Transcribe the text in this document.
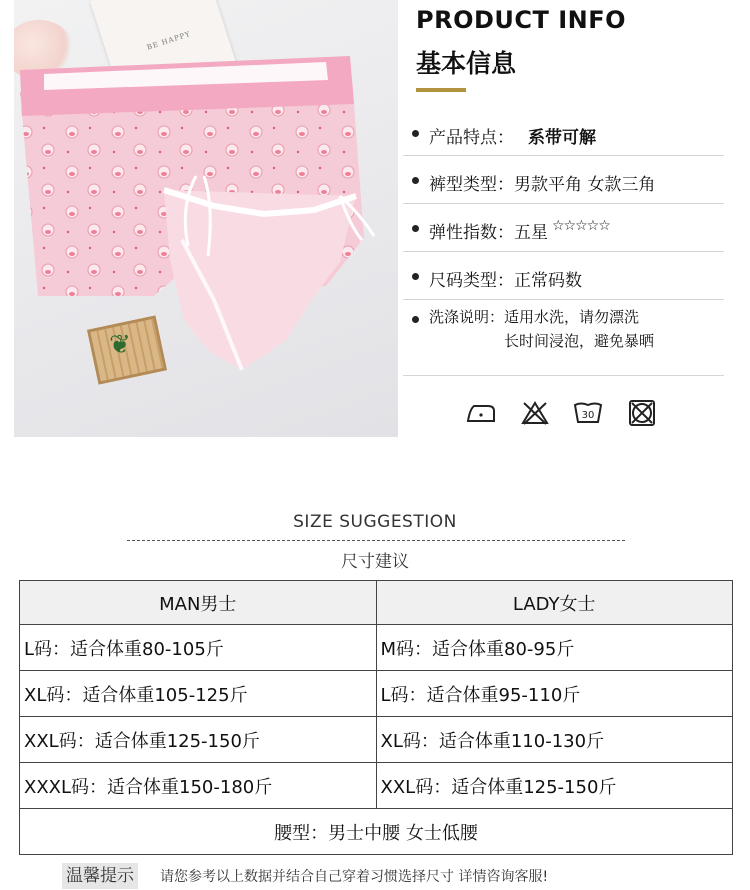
BE HAPPY
❦
PRODUCT INFO
基本信息
产品特点： 系带可解
裤型类型： 男款平角 女款三角
弹性指数： 五星 ☆☆☆☆☆
尺码类型： 正常码数
洗涤说明： 适用水洗，请勿漂洗
长时间浸泡，避免暴晒
30
SIZE SUGGESTION
尺寸建议
MAN男士	LADY女士
L码：适合体重80-105斤	M码：适合体重80-95斤
XL码：适合体重105-125斤	L码：适合体重95-110斤
XXL码：适合体重125-150斤	XL码：适合体重110-130斤
XXXL码：适合体重150-180斤	XXL码：适合体重125-150斤
腰型：男士中腰 女士低腰	
温馨提示 请您参考以上数据并结合自己穿着习惯选择尺寸 详情咨询客服!
